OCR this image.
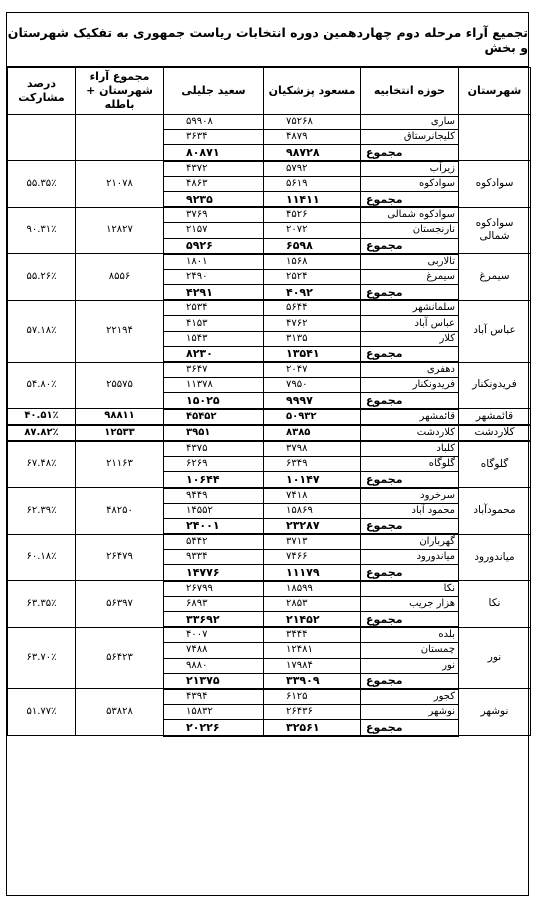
تجمیع آراء مرحله دوم چهاردهمین دوره انتخابات ریاست جمهوری به تفکیک شهرستان و بخش
شهرستان	حوزه انتخابیه	مسعود پزشکیان	سعید جلیلی	مجموع آراء شهرستان + باطله	درصد مشارکت
	ساری	۷۵۲۶۸	۵۹۹۰۸		
	کلیجانرستاق	۴۸۷۹	۳۶۳۴		
	مجموع	۹۸۷۲۸	۸۰۸۷۱		
سوادکوه	زیرآب	۵۷۹۲	۴۳۷۲	۲۱۰۷۸	۵۵.۳۵٪
	سوادکوه	۵۶۱۹	۴۸۶۳		
	مجموع	۱۱۴۱۱	۹۲۳۵		
سوادکوه شمالی	سوادکوه شمالی	۴۵۲۶	۳۷۶۹	۱۲۸۲۷	۹۰.۳۱٪
	نارنجستان	۲۰۷۲	۲۱۵۷		
	مجموع	۶۵۹۸	۵۹۲۶		
سیمرغ	تالاربی	۱۵۶۸	۱۸۰۱	۸۵۵۶	۵۵.۲۶٪
	سیمرغ	۲۵۲۴	۲۴۹۰		
	مجموع	۴۰۹۲	۴۲۹۱		
عباس آباد	سلمانشهر	۵۶۴۴	۲۵۳۴	۲۲۱۹۴	۵۷.۱۸٪
	عباس آباد	۴۷۶۲	۴۱۵۳		
	کلار	۳۱۳۵	۱۵۴۳		
	مجموع	۱۳۵۴۱	۸۲۳۰		
فریدونکنار	دهفری	۲۰۴۷	۳۶۴۷	۲۵۵۷۵	۵۴.۸۰٪
	فریدونکنار	۷۹۵۰	۱۱۳۷۸		
	مجموع	۹۹۹۷	۱۵۰۲۵		
قائمشهر	قائمشهر	۵۰۹۳۲	۴۵۴۵۲	۹۸۸۱۱	۴۰.۵۱٪
کلاردشت	کلاردشت	۸۳۸۵	۳۹۵۱	۱۲۵۳۳	۸۷.۸۲٪
گلوگاه	کلباد	۳۷۹۸	۴۳۷۵	۲۱۱۶۳	۶۷.۴۸٪
	گلوگاه	۶۳۴۹	۶۲۶۹		
	مجموع	۱۰۱۴۷	۱۰۶۴۴		
محمودآباد	سرخرود	۷۴۱۸	۹۴۴۹	۴۸۲۵۰	۶۲.۳۹٪
	محمود آباد	۱۵۸۶۹	۱۴۵۵۲		
	مجموع	۲۳۲۸۷	۲۴۰۰۱		
میاندورود	گهرباران	۳۷۱۳	۵۴۴۲	۲۶۴۷۹	۶۰.۱۸٪
	میاندورود	۷۴۶۶	۹۳۳۴		
	مجموع	۱۱۱۷۹	۱۴۷۷۶		
نکا	نکا	۱۸۵۹۹	۲۶۷۹۹	۵۶۳۹۷	۶۳.۳۵٪
	هزار جریب	۲۸۵۳	۶۸۹۳		
	مجموع	۲۱۴۵۲	۳۳۶۹۲		
نور	بلده	۳۴۴۴	۴۰۰۷	۵۶۴۲۳	۶۳.۷۰٪
	چمستان	۱۲۴۸۱	۷۴۸۸		
	نور	۱۷۹۸۴	۹۸۸۰		
	مجموع	۳۳۹۰۹	۲۱۳۷۵		
نوشهر	کجور	۶۱۲۵	۴۳۹۴	۵۳۸۲۸	۵۱.۷۷٪
	نوشهر	۲۶۴۳۶	۱۵۸۳۲		
	مجموع	۳۲۵۶۱	۲۰۲۲۶		
